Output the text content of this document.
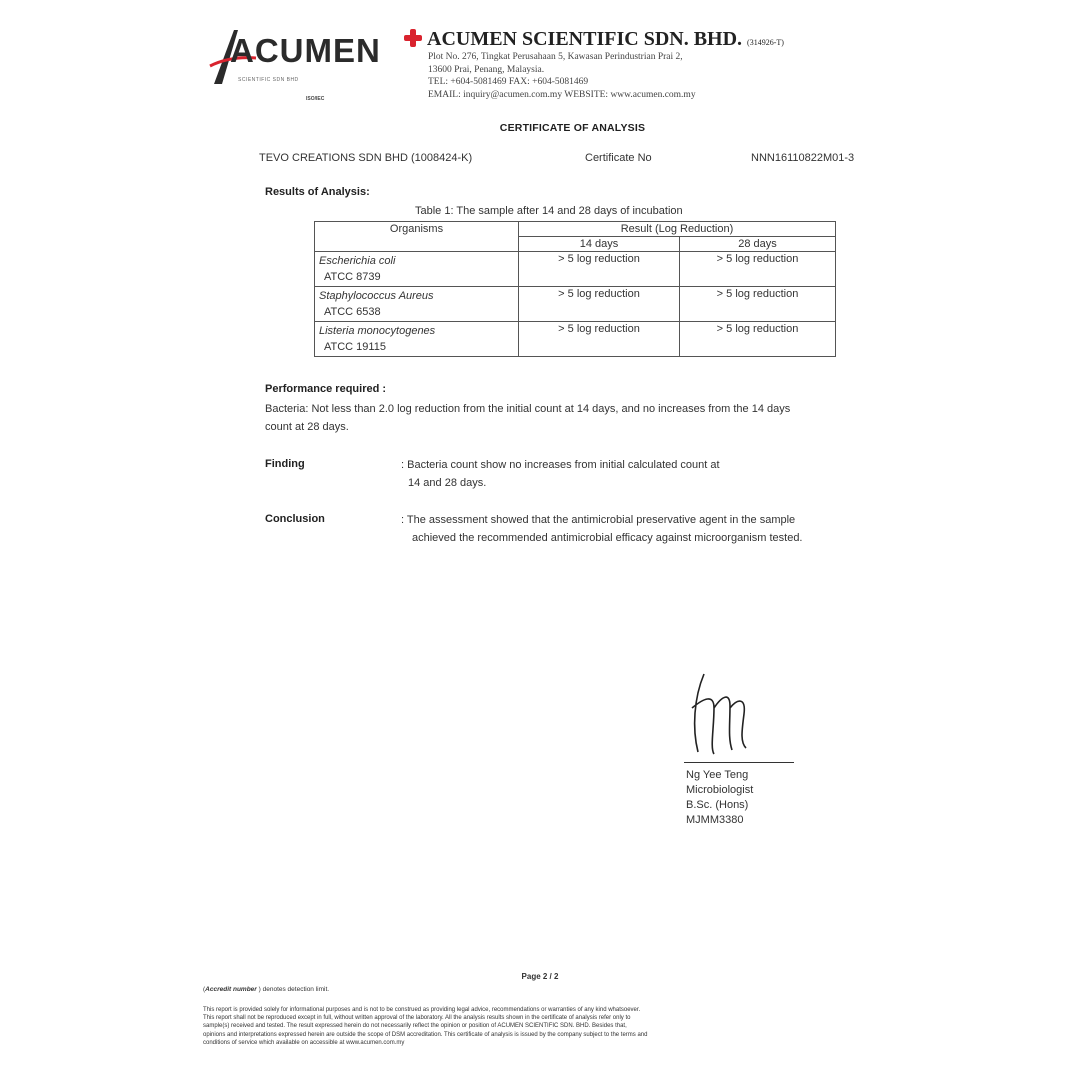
ACUMEN
SCIENTIFIC SDN BHD
ISO/IEC
ACUMEN SCIENTIFIC SDN. BHD. (314926-T)
Plot No. 276, Tingkat Perusahaan 5, Kawasan Perindustrian Prai 2,
13600 Prai, Penang, Malaysia.
TEL: +604-5081469 FAX: +604-5081469
EMAIL: inquiry@acumen.com.my WEBSITE: www.acumen.com.my
CERTIFICATE OF ANALYSIS
TEVO CREATIONS SDN BHD (1008424-K)	Certificate No	NNN16110822M01-3
Results of Analysis:
Table 1: The sample after 14 and 28 days of incubation
Organisms	Result (Log Reduction)	
	14 days	28 days
Escherichia coli
ATCC 8739	> 5 log reduction	> 5 log reduction
Staphylococcus Aureus
ATCC 6538	> 5 log reduction	> 5 log reduction
Listeria monocytogenes
ATCC 19115	> 5 log reduction	> 5 log reduction
Performance required :
Bacteria: Not less than 2.0 log reduction from the initial count at 14 days, and no increases from the 14 days
count at 28 days.
Finding	: Bacteria count show no increases from initial calculated count at
14 and 28 days.
Conclusion	: The assessment showed that the antimicrobial preservative agent in the sample
achieved the recommended antimicrobial efficacy against microorganism tested.
Ng Yee Teng
Microbiologist
B.Sc. (Hons)
MJMM3380
Page 2 / 2
(Accredit number ) denotes detection limit.
This report is provided solely for informational purposes and is not to be construed as providing legal advice, recommendations or warranties of any kind whatsoever.
This report shall not be reproduced except in full, without written approval of the laboratory. All the analysis results shown in the certificate of analysis refer only to
sample(s) received and tested. The result expressed herein do not necessarily reflect the opinion or position of ACUMEN SCIENTIFIC SDN. BHD. Besides that,
opinions and interpretations expressed herein are outside the scope of DSM accreditation. This certificate of analysis is issued by the company subject to the terms and
conditions of service which available on accessible at www.acumen.com.my
